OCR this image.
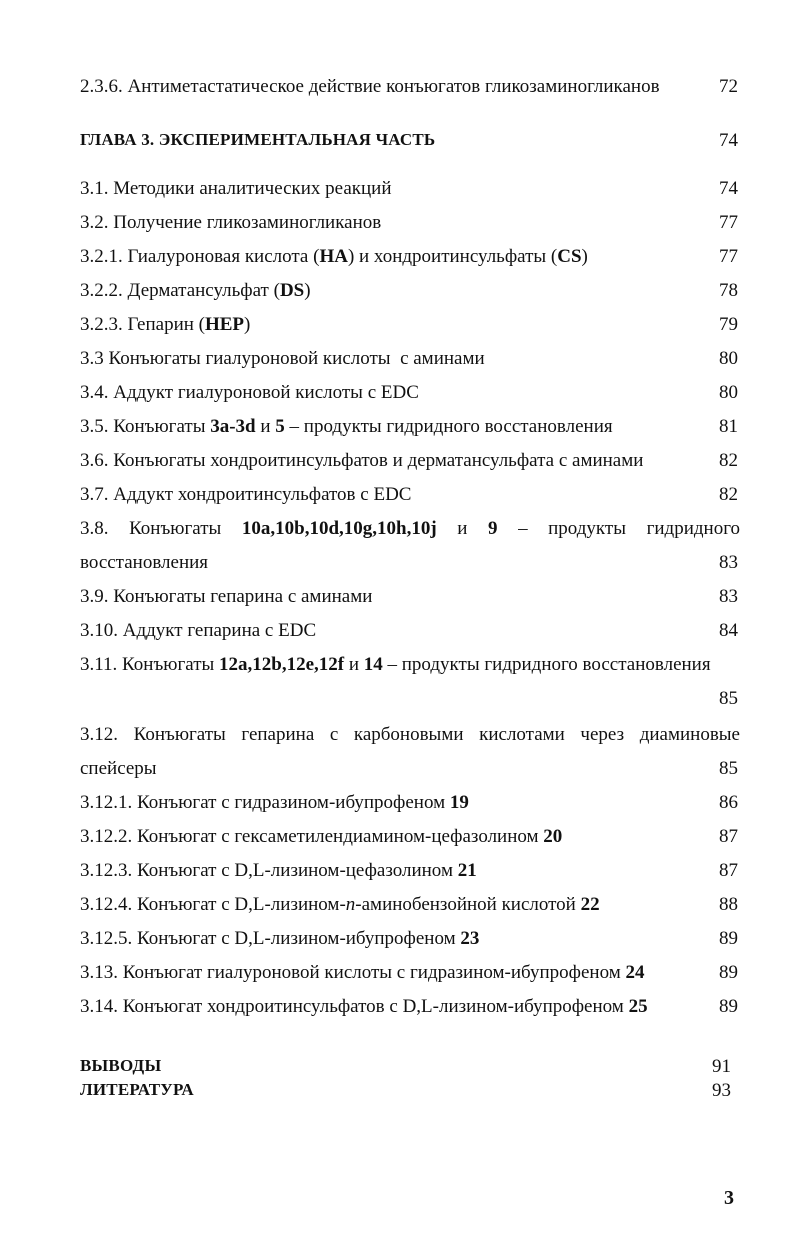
2.3.6. Антиметастатическое действие конъюгатов гликозаминогликанов	72
ГЛАВА 3. ЭКСПЕРИМЕНТАЛЬНАЯ ЧАСТЬ	74
3.1. Методики аналитических реакций	74
3.2. Получение гликозаминогликанов	77
3.2.1. Гиалуроновая кислота (HA) и хондроитинсульфаты (CS)	77
3.2.2. Дерматансульфат (DS)	78
3.2.3. Гепарин (HEP)	79
3.3 Конъюгаты гиалуроновой кислоты  с аминами	80
3.4. Аддукт гиалуроновой кислоты с EDC	80
3.5. Конъюгаты 3a-3d и 5 – продукты гидридного восстановления	81
3.6. Конъюгаты хондроитинсульфатов и дерматансульфата с аминами	82
3.7. Аддукт хондроитинсульфатов с EDC	82
3.8. Конъюгаты 10a,10b,10d,10g,10h,10j и 9 – продукты гидридного
восстановления	83
3.9. Конъюгаты гепарина с аминами	83
3.10. Аддукт гепарина с EDC	84
3.11. Конъюгаты 12a,12b,12e,12f и 14 – продукты гидридного восстановления
85
3.12. Конъюгаты гепарина с карбоновыми кислотами через диаминовые
спейсеры	85
3.12.1. Конъюгат с гидразином-ибупрофеном 19	86
3.12.2. Конъюгат с гексаметилендиамином-цефазолином 20	87
3.12.3. Конъюгат с D,L-лизином-цефазолином 21	87
3.12.4. Конъюгат с D,L-лизином-n-аминобензойной кислотой 22	88
3.12.5. Конъюгат с D,L-лизином-ибупрофеном 23	89
3.13. Конъюгат гиалуроновой кислоты с гидразином-ибупрофеном 24	89
3.14. Конъюгат хондроитинсульфатов с D,L-лизином-ибупрофеном 25	89
ВЫВОДЫ	91
ЛИТЕРАТУРА	93
3
